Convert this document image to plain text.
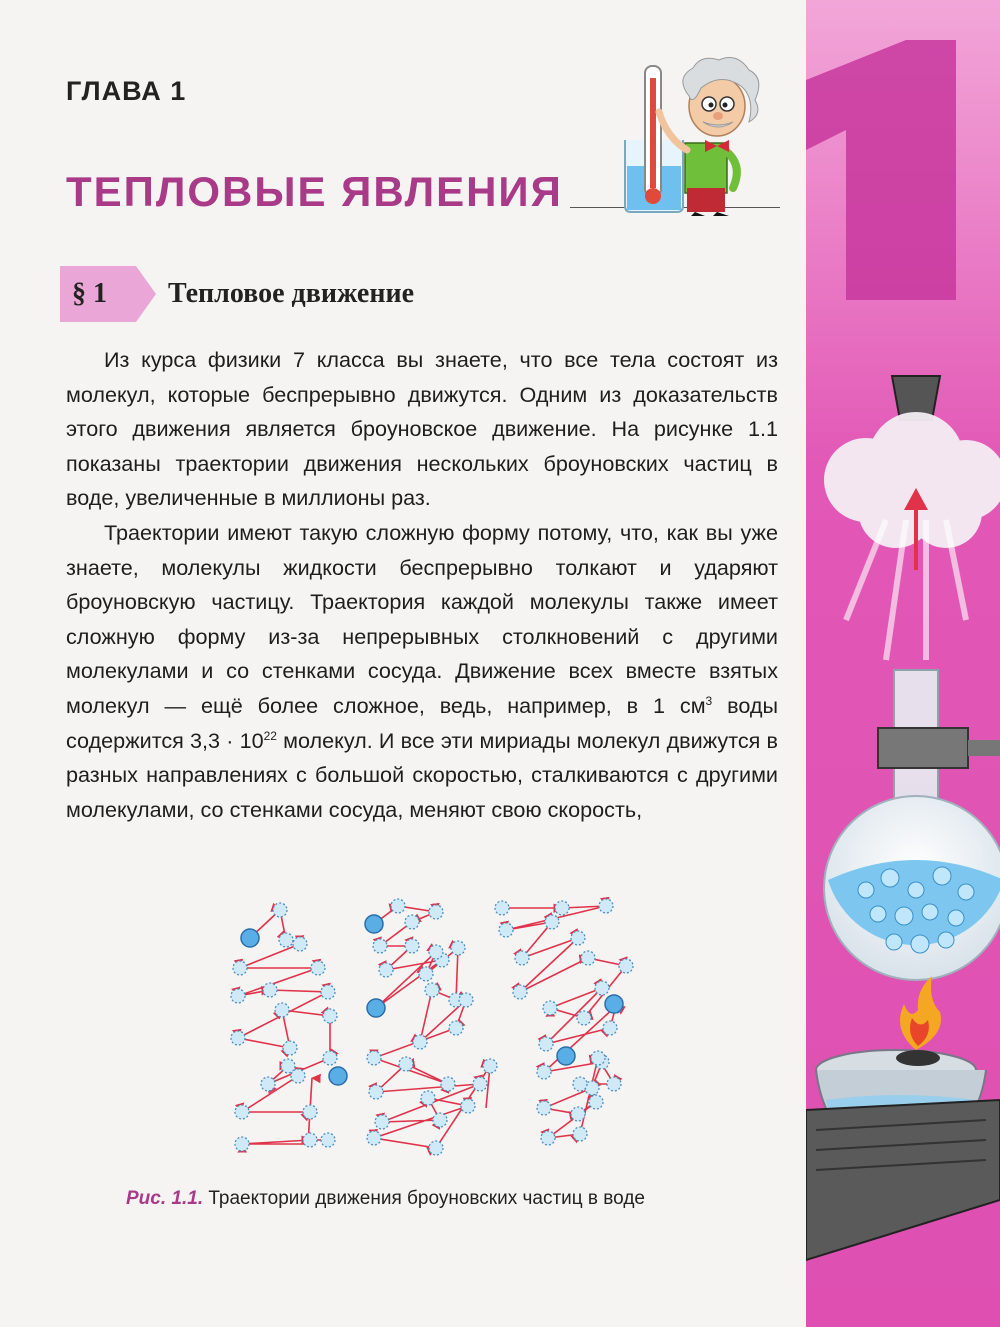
ГЛАВА 1
ТЕПЛОВЫЕ ЯВЛЕНИЯ
§ 1 Тепловое движение

Из курса физики 7 класса вы знаете, что все тела состоят из молекул, которые беспрерывно движутся. Одним из доказательств этого движения является броуновское движение. На рисунке 1.1 показаны траектории движения нескольких броуновских частиц в воде, увеличенные в миллионы раз.

Траектории имеют такую сложную форму потому, что, как вы уже знаете, молекулы жидкости беспрерывно толкают и ударяют броуновскую частицу. Траектория каждой молекулы также имеет сложную форму из-за непрерывных столкновений с другими молекулами и со стенками сосуда. Движение всех вместе взятых молекул — ещё более сложное, ведь, например, в 1 $см^3$ воды содержится $3,3 \cdot 10^{22}$ молекул. И все эти мириады молекул движутся в разных направлениях с большой скоростью, сталкиваются с другими молекулами, со стенками сосуда, меняют свою скорость,

Рис. 1.1. Траектории движения броуновских частиц в воде
